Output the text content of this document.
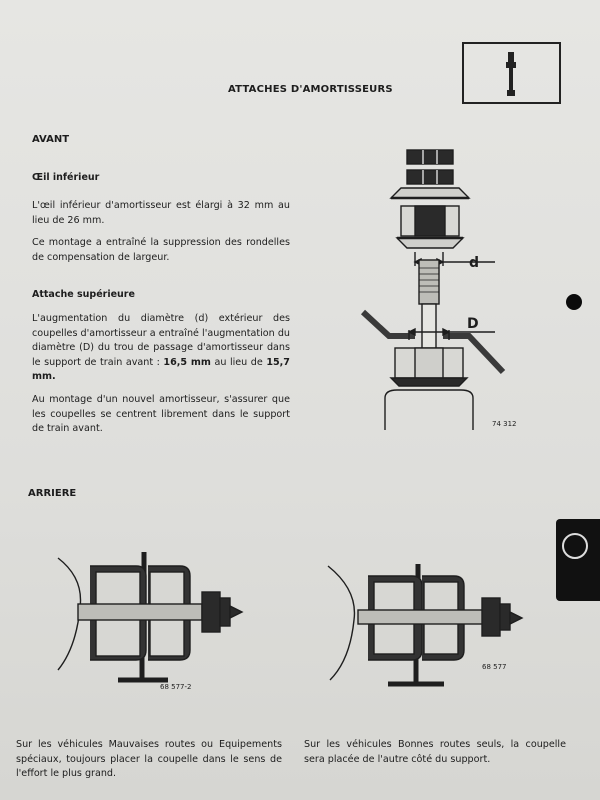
ATTACHES D'AMORTISSEURS
AVANT
Œil inférieur
L'œil inférieur d'amortisseur est élargi à 32 mm au lieu de 26 mm.
Ce montage a entraîné la suppression des rondelles de compensation de largeur.
Attache supérieure
L'augmentation du diamètre (d) extérieur des coupelles d'amortisseur a entraîné l'augmentation du diamètre (D) du trou de passage d'amortisseur dans le support de train avant : 16,5 mm au lieu de 15,7 mm.
Au montage d'un nouvel amortisseur, s'assurer que les coupelles se centrent librement dans le support de train avant.
d
D
74 312
ARRIERE
68 577-2
68 577
Sur les véhicules Mauvaises routes ou Equipements spéciaux, toujours placer la coupelle dans le sens de l'effort le plus grand.
Sur les véhicules Bonnes routes seuls, la coupelle sera placée de l'autre côté du support.
